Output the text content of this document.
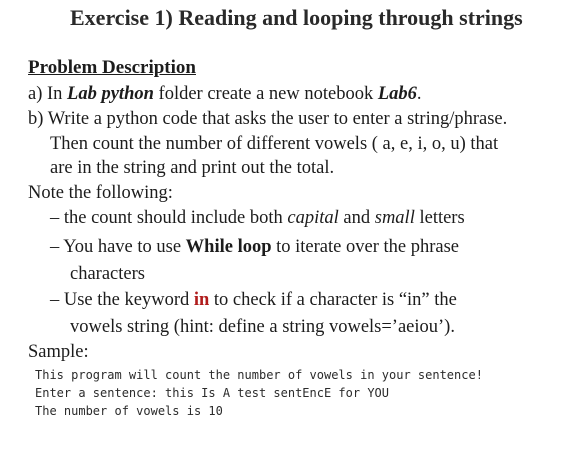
Exercise 1) Reading and looping through strings
Problem Description
a) In Lab python folder create a new notebook Lab6.
b) Write a python code that asks the user to enter a string/phrase.
Then count the number of different vowels ( a, e, i, o, u) that
are in the string and print out the total.
Note the following:
– the count should include both capital and small letters
– You have to use While loop to iterate over the phrase
characters
– Use the keyword in to check if a character is “in” the
vowels string (hint: define a string vowels=’aeiou’).
Sample:
This program will count the number of vowels in your sentence!
Enter a sentence: this Is A test sentEncE for YOU
The number of vowels is 10
